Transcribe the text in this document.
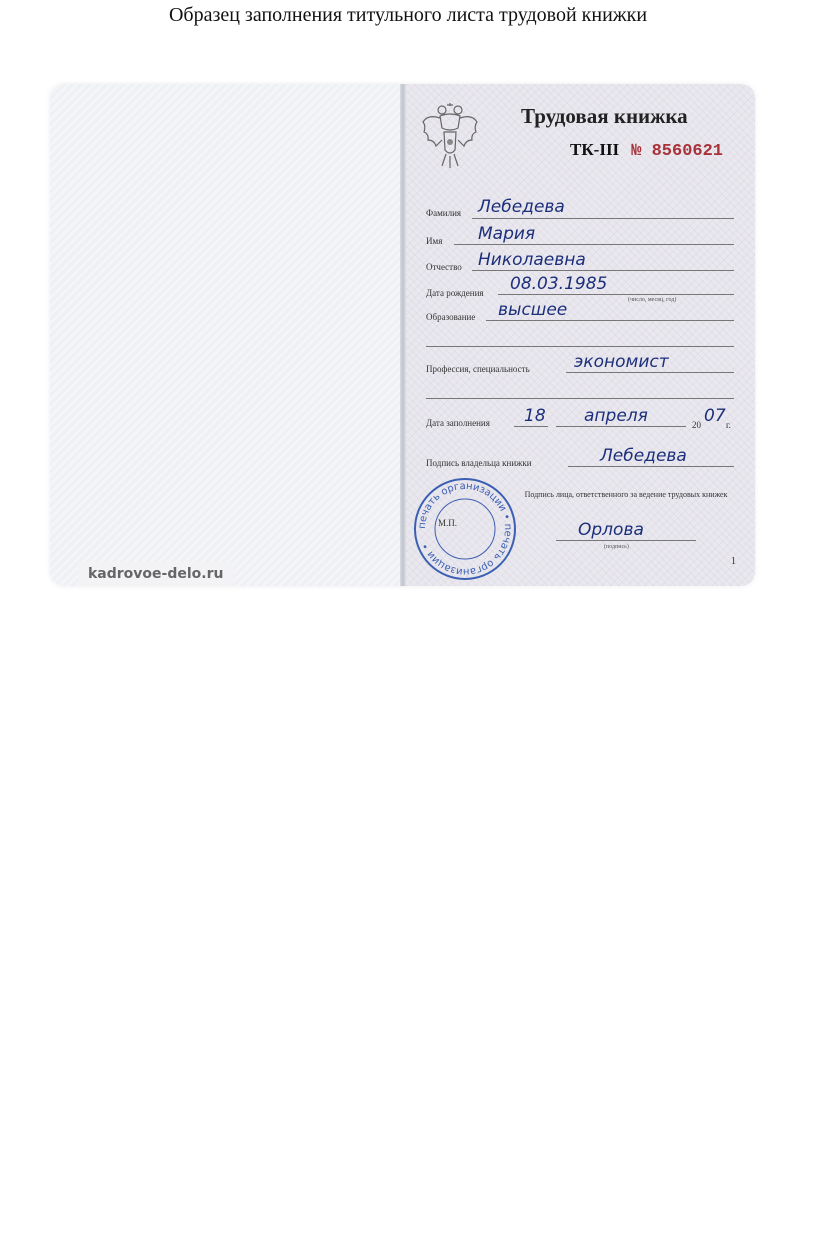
Образец заполнения титульного листа трудовой книжки
kadrovoe-delo.ru
Трудовая книжка
ТК-III № 8560621
Фамилия Лебедева
Имя Мария
Отчество Николаевна
Дата рождения 08.03.1985
(число, месяц, год)
Образование высшее
Профессия, специальность	экономист
Дата заполнения 18 апреля	20 07 г.
Подпись владельца книжки	Лебедева
Подпись лица, ответственного за ведение трудовых книжек
М.П.	Орлова
(подпись)
печать организации • печать организации •
1
